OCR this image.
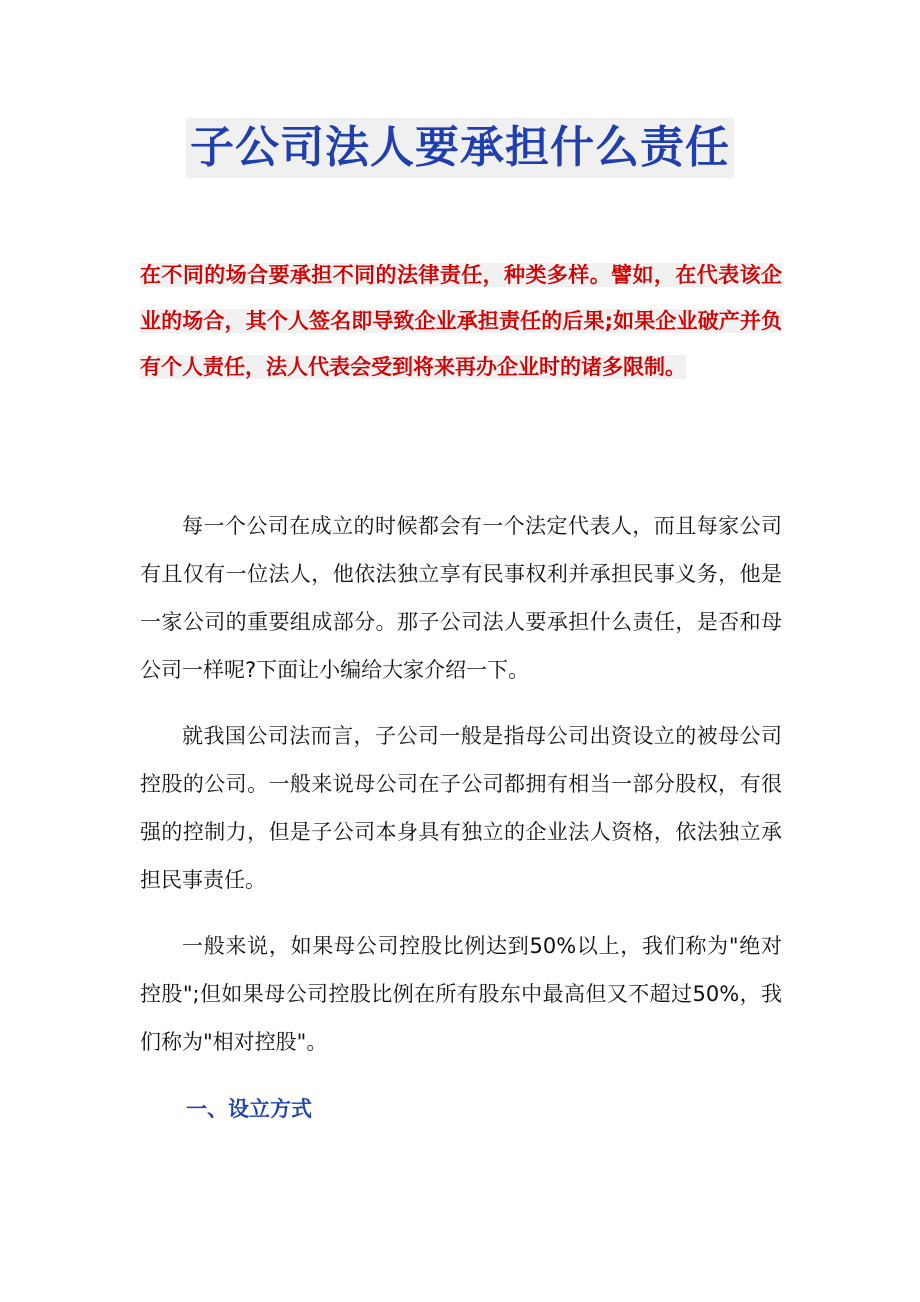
子公司法人要承担什么责任

在不同的场合要承担不同的法律责任，种类多样。譬如，在代表该企业的场合，其个人签名即导致企业承担责任的后果;如果企业破产并负有个人责任，法人代表会受到将来再办企业时的诸多限制。

每一个公司在成立的时候都会有一个法定代表人，而且每家公司有且仅有一位法人，他依法独立享有民事权利并承担民事义务，他是一家公司的重要组成部分。那子公司法人要承担什么责任，是否和母公司一样呢?下面让小编给大家介绍一下。

就我国公司法而言，子公司一般是指母公司出资设立的被母公司控股的公司。一般来说母公司在子公司都拥有相当一部分股权，有很强的控制力，但是子公司本身具有独立的企业法人资格，依法独立承担民事责任。

一般来说，如果母公司控股比例达到50%以上，我们称为"绝对控股";但如果母公司控股比例在所有股东中最高但又不超过50%，我们称为"相对控股"。

一、设立方式
